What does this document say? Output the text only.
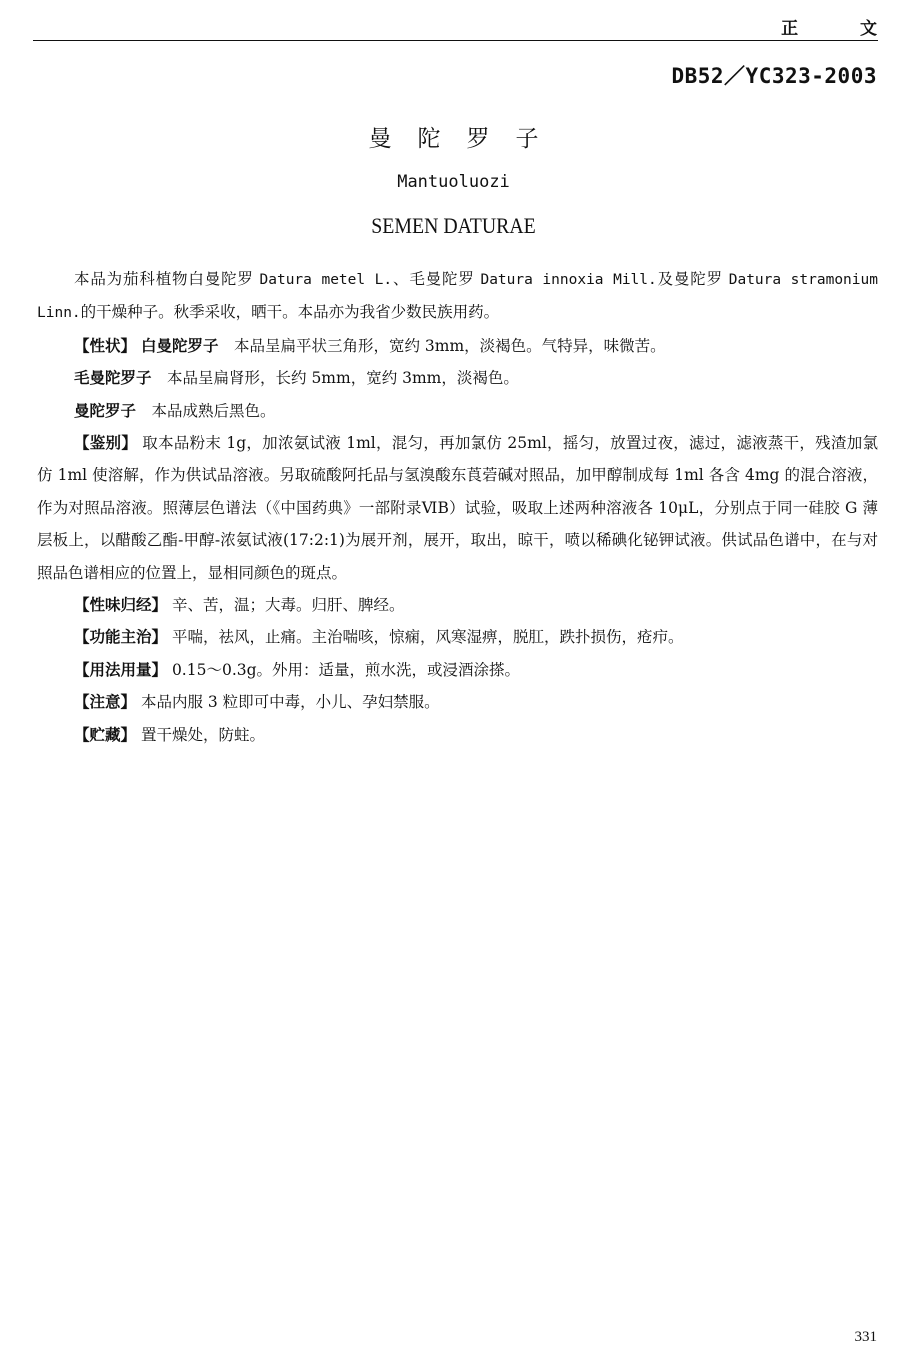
正 文
DB52／YC323-2003
曼陀罗子
Mantuoluozi
SEMEN DATURAE

本品为茄科植物白曼陀罗 Datura metel L.、毛曼陀罗 Datura innoxia Mill.及曼陀罗 Datura stramonium Linn.的干燥种子。秋季采收，晒干。本品亦为我省少数民族用药。

【性状】 白曼陀罗子　本品呈扁平状三角形，宽约 3mm，淡褐色。气特异，味微苦。

毛曼陀罗子　本品呈扁肾形，长约 5mm，宽约 3mm，淡褐色。

曼陀罗子　本品成熟后黑色。

【鉴别】 取本品粉末 1g，加浓氨试液 1ml，混匀，再加氯仿 25ml，摇匀，放置过夜，滤过，滤液蒸干，残渣加氯仿 1ml 使溶解，作为供试品溶液。另取硫酸阿托品与氢溴酸东莨菪碱对照品，加甲醇制成每 1ml 各含 4mg 的混合溶液，作为对照品溶液。照薄层色谱法（《中国药典》一部附录ⅥB）试验，吸取上述两种溶液各 10μL，分别点于同一硅胶 G 薄层板上，以醋酸乙酯-甲醇-浓氨试液(17:2:1)为展开剂，展开，取出，晾干，喷以稀碘化铋钾试液。供试品色谱中，在与对照品色谱相应的位置上，显相同颜色的斑点。

【性味归经】 辛、苦，温；大毒。归肝、脾经。

【功能主治】 平喘，祛风，止痛。主治喘咳，惊痫，风寒湿痹，脱肛，跌扑损伤，疮疖。

【用法用量】 0.15～0.3g。外用：适量，煎水洗，或浸酒涂搽。

【注意】 本品内服 3 粒即可中毒，小儿、孕妇禁服。

【贮藏】 置干燥处，防蛀。

331
